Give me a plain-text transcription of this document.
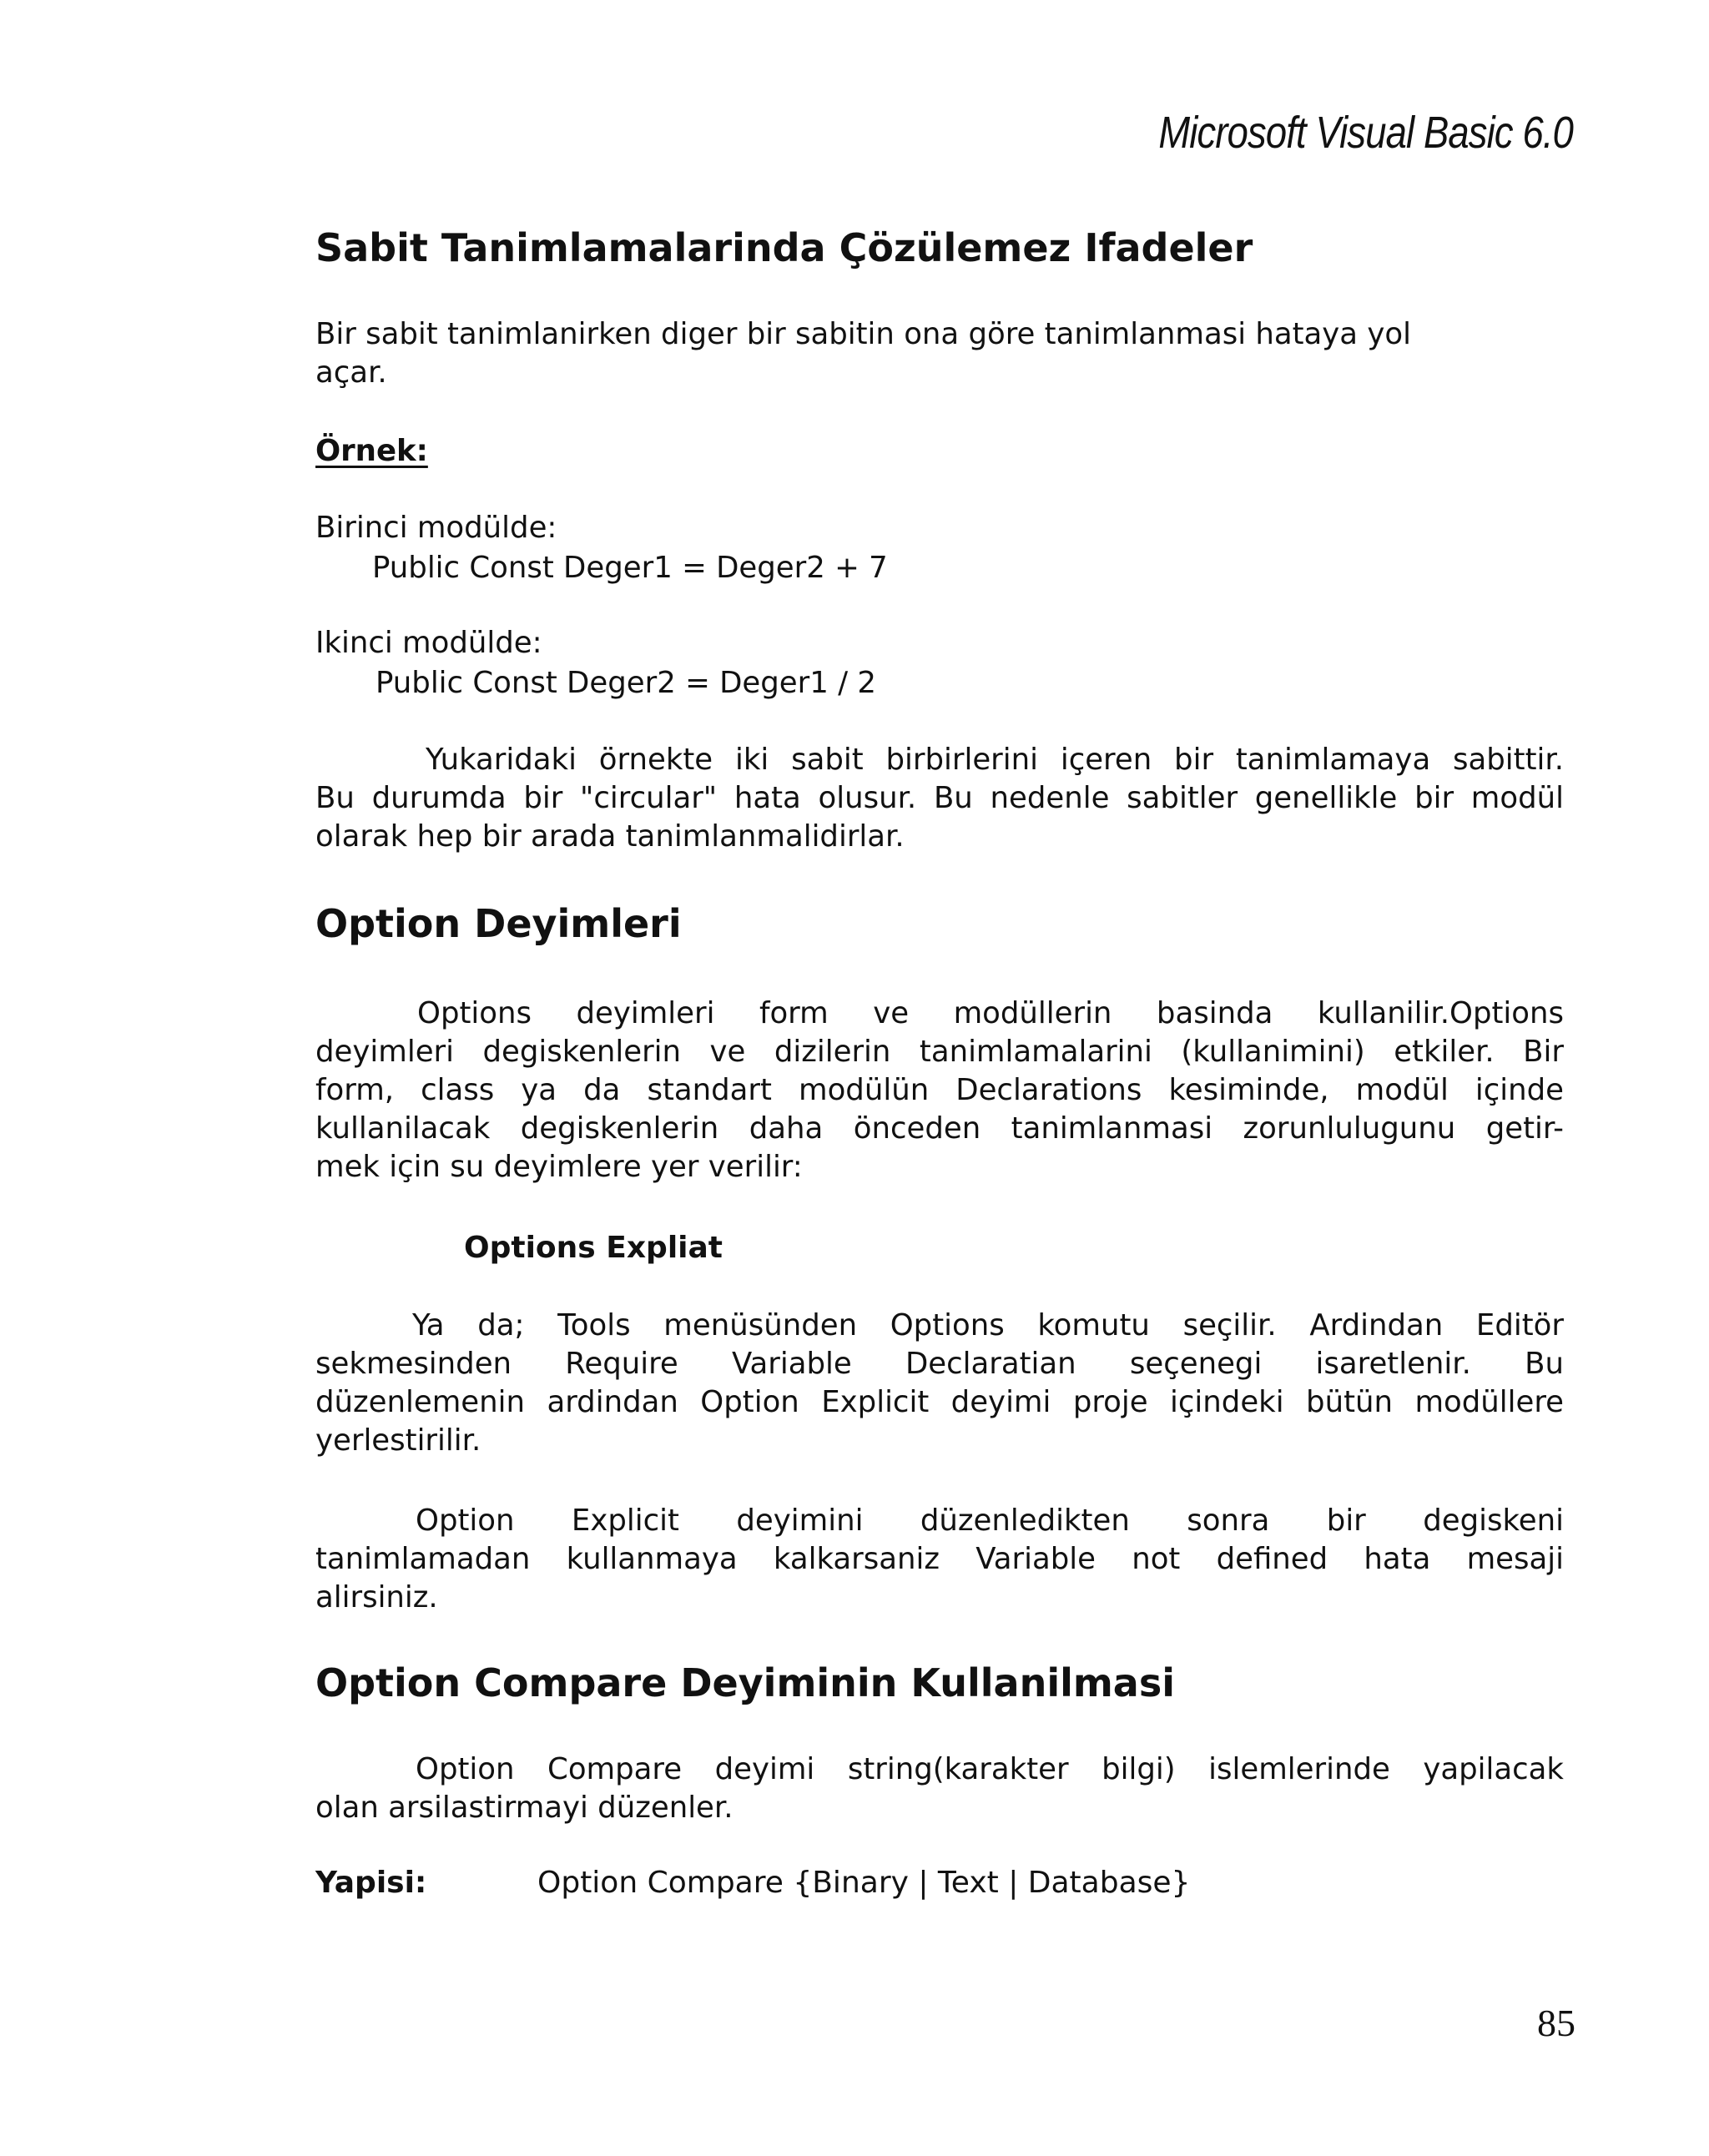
Microsoft Visual Basic 6.0
Sabit Tanimlamalarinda Çözülemez Ifadeler
Bir sabit tanimlanirken diger bir sabitin ona göre tanimlanmasi hataya yol
açar.
Örnek:
Birinci modülde:
Public Const Deger1 = Deger2 + 7
Ikinci modülde:
Public Const Deger2 = Deger1 / 2
Yukaridaki örnekte iki sabit birbirlerini içeren bir tanimlamaya sabittir.
Bu durumda bir "circular" hata olusur. Bu nedenle sabitler genellikle bir modül
olarak hep bir arada tanimlanmalidirlar.
Option Deyimleri
Options deyimleri form ve modüllerin basinda kullanilir.Options
deyimleri degiskenlerin ve dizilerin tanimlamalarini (kullanimini) etkiler. Bir
form, class ya da standart modülün Declarations kesiminde, modül içinde
kullanilacak degiskenlerin daha önceden tanimlanmasi zorunlulugunu getir-
mek için su deyimlere yer verilir:
Options Expliat
Ya da; Tools menüsünden Options komutu seçilir. Ardindan Editör
sekmesinden Require Variable Declaratian seçenegi isaretlenir. Bu
düzenlemenin ardindan Option Explicit deyimi proje içindeki bütün modüllere
yerlestirilir.
Option Explicit deyimini düzenledikten sonra bir degiskeni
tanimlamadan kullanmaya kalkarsaniz Variable not defined hata mesaji
alirsiniz.
Option Compare Deyiminin Kullanilmasi
Option Compare deyimi string(karakter bilgi) islemlerinde yapilacak
olan arsilastirmayi düzenler.
Yapisi:	Option Compare {Binary | Text | Database}
85
